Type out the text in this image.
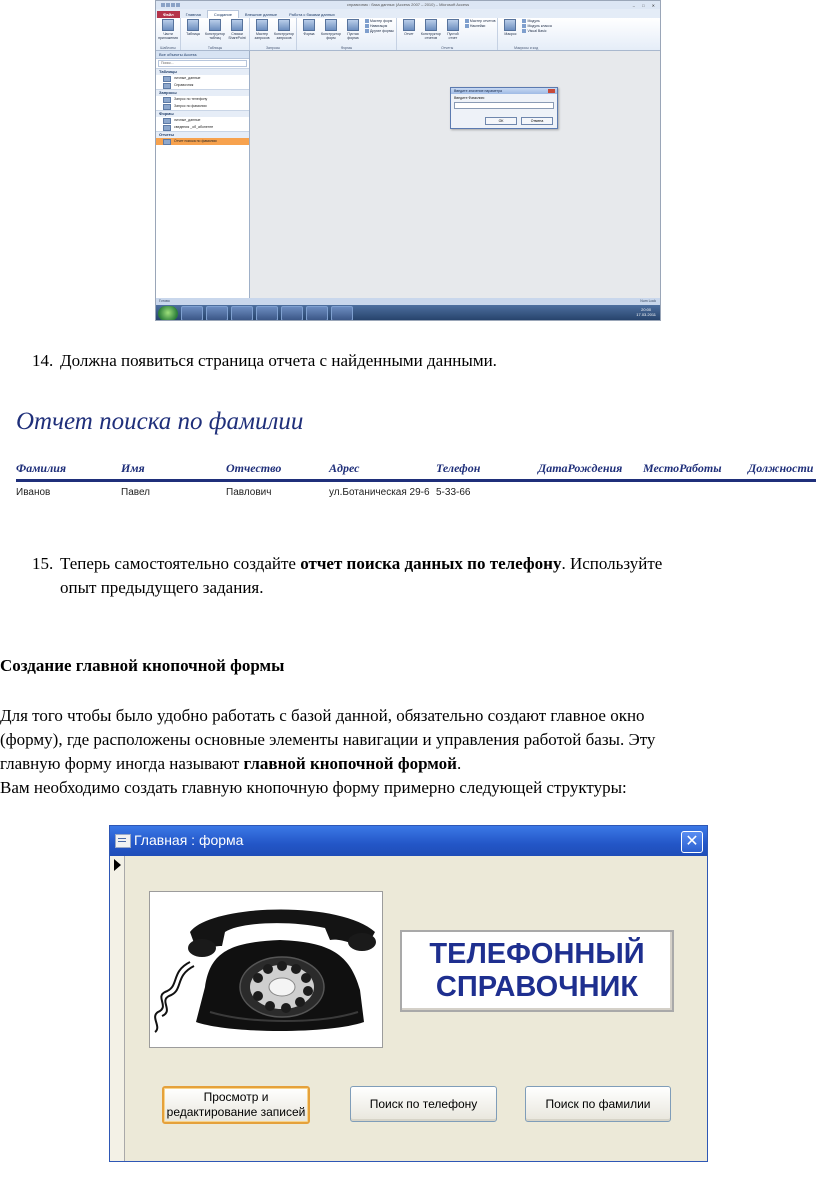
справочник : база данных (Access 2007 – 2010) – Microsoft Access	– □ ✕
Файл	Главная	Создание	Внешние данные	Работа с базами данных
Части приложения
Шаблоны
Таблица Конструктор таблиц
Списки SharePoint
Таблицы
Мастер запросов
Конструктор запросов
Запросы
Форма Конструктор форм
Пустая форма
Мастер форм
Навигация
Другие формы
Формы
Отчет Конструктор отчетов
Пустой отчет
Мастер отчетов
Наклейки
Отчеты
Макрос
Модуль
Модуль класса
Visual Basic
Макросы и код
Все объекты Access
Поиск...
Таблицы
личные_данные
Справочник
Запросы
Запрос по телефону
Запрос по фамилии
Формы
личные_данные
сведения _об_абоненте
Отчеты
Отчет поиска по фамилии
Введите значение параметра
Введите Фамилию:
ОК	Отмена
Готово	Num Lock
20:00
17.03.2011
14. Должна появиться страница отчета с найденными данными.
Отчет поиска по фамилии
Фамилия	Имя	Отчество	Адрес	Телефон	ДатаРождения МестоРаботы Должности
Иванов	Павел	Павлович	ул.Ботаническая 29-6 5-33-66
15. Теперь самостоятельно создайте отчет поиска данных по телефону. Используйте
опыт предыдущего задания.
Создание главной кнопочной формы
Для того чтобы было удобно работать с базой данной, обязательно создают главное окно
(форму), где расположены основные элементы навигации и управления работой базы. Эту
главную форму иногда называют главной кнопочной формой.
Вам необходимо создать главную кнопочную форму примерно следующей структуры:
Главная : форма	✕
ТЕЛЕФОННЫЙ
СПРАВОЧНИК
Просмотр и
редактирование записей
Поиск по телефону	Поиск по фамилии
